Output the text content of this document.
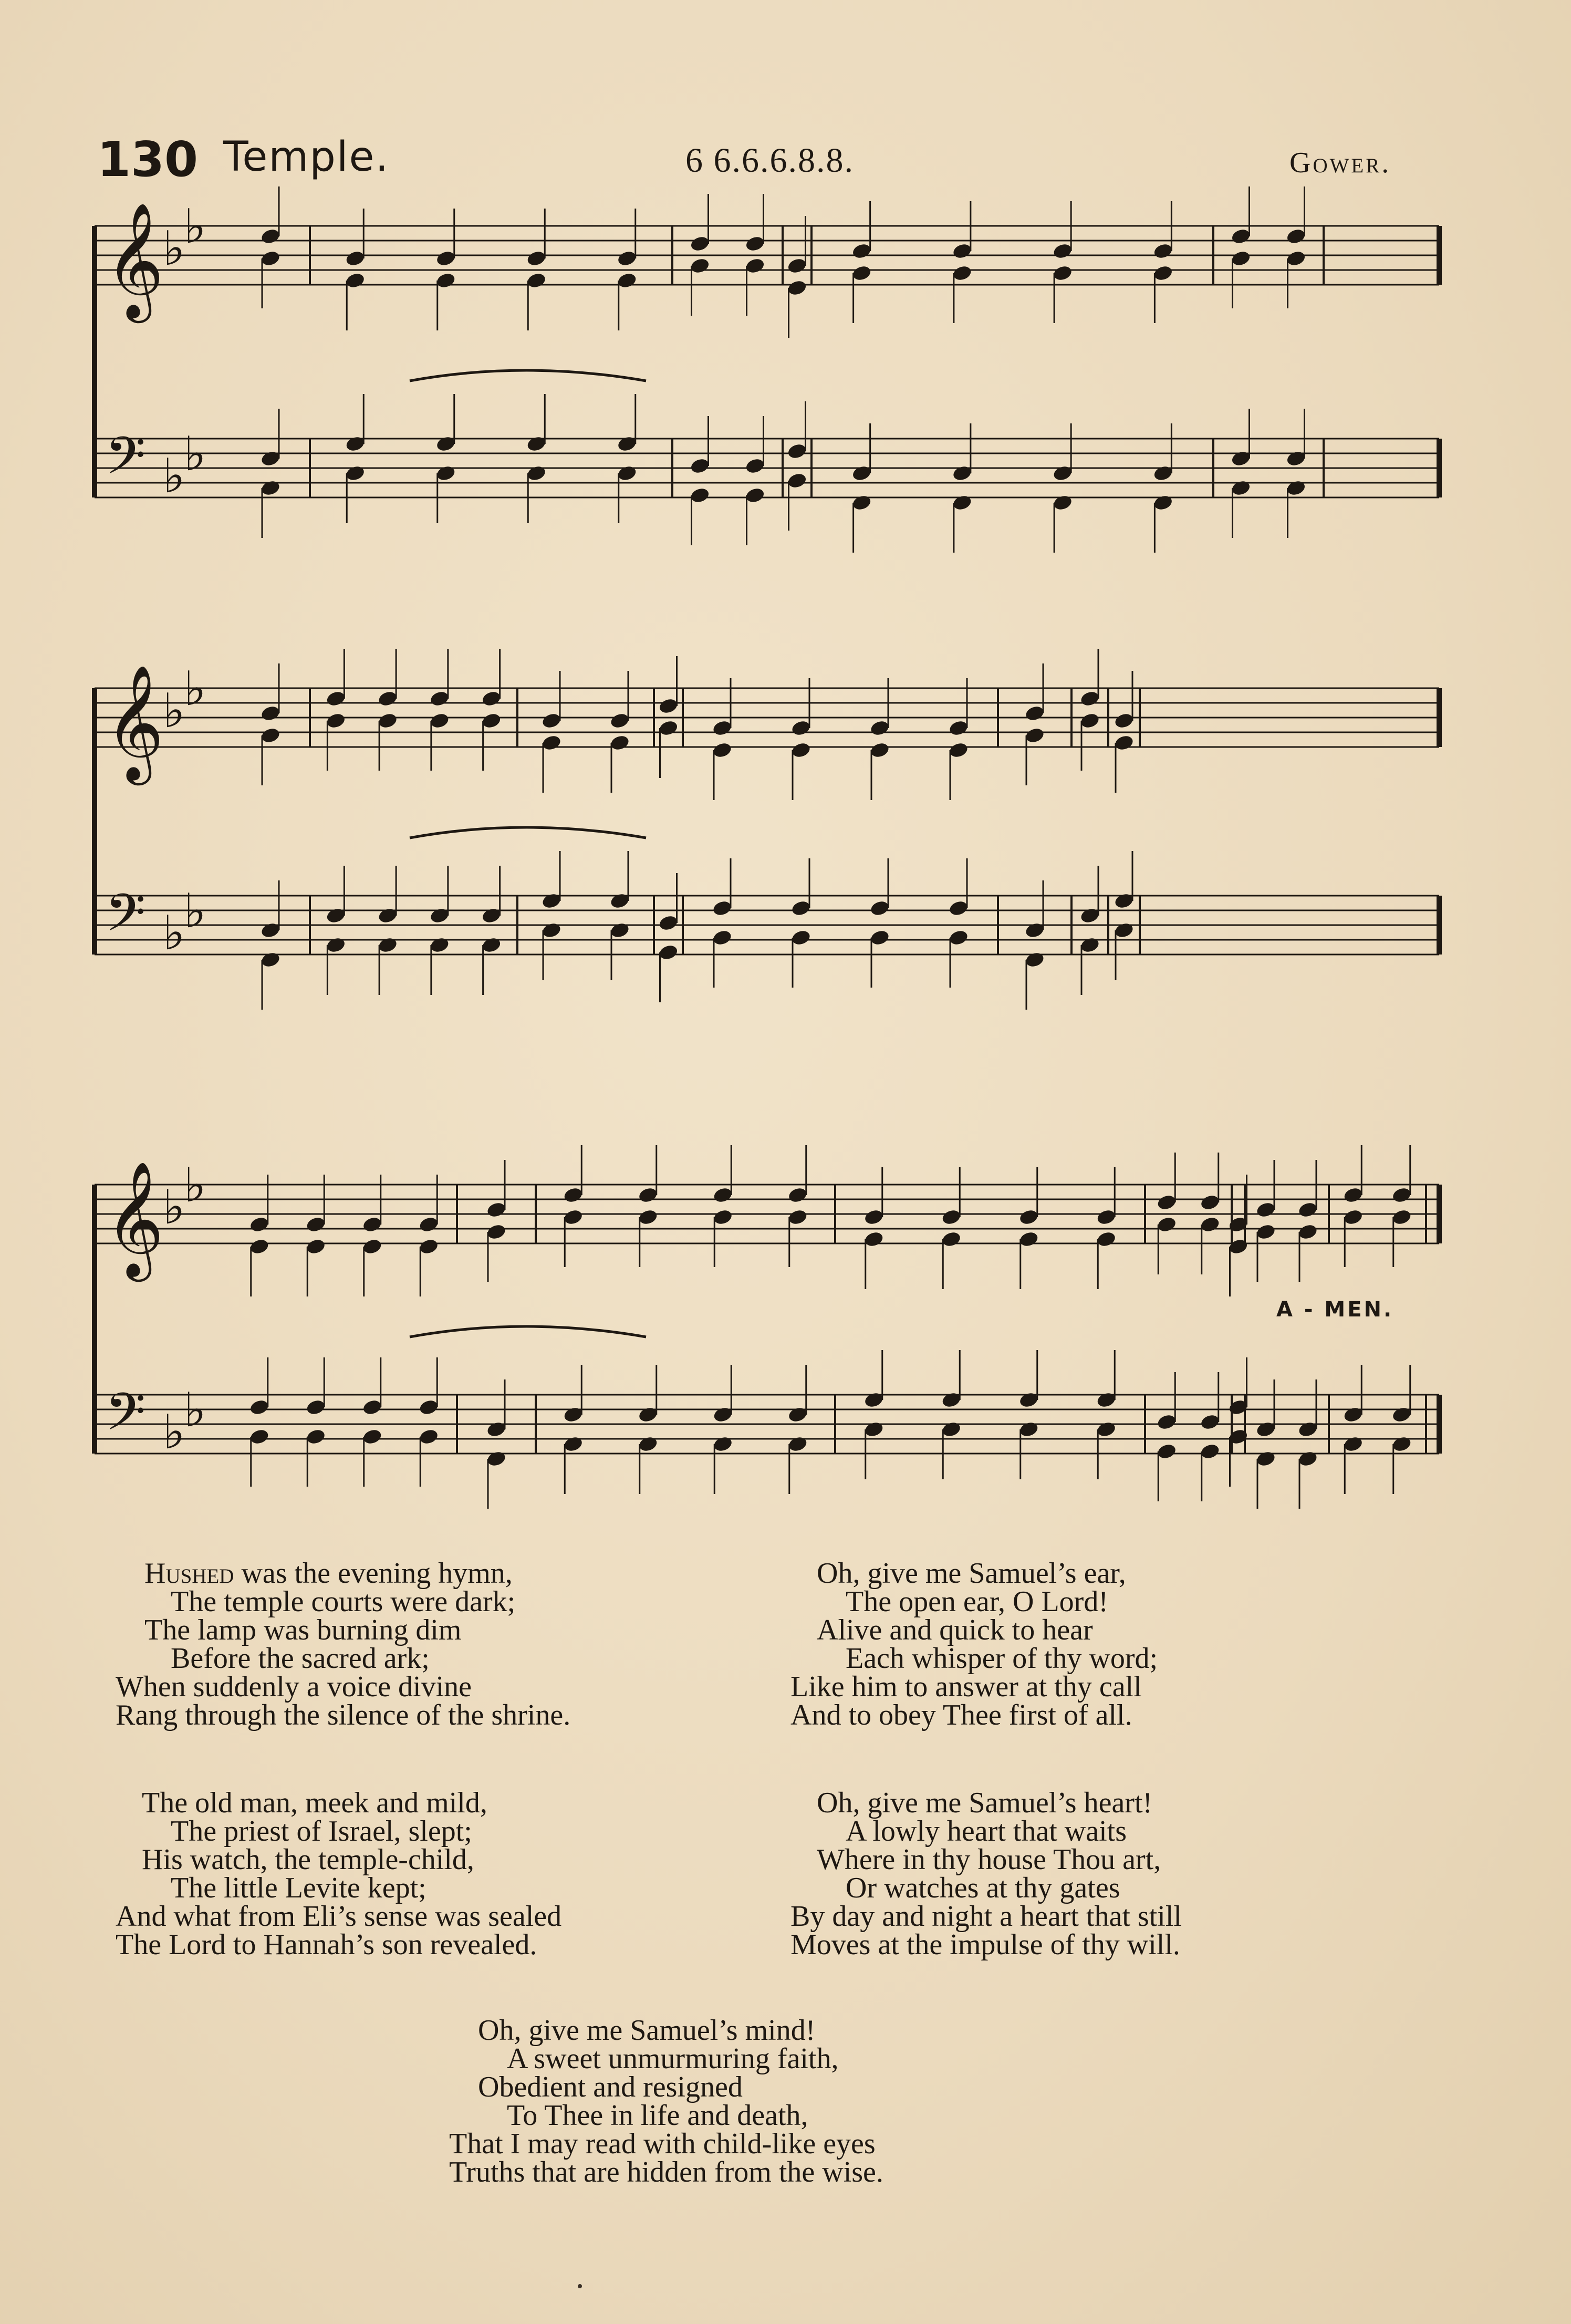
130 Temple.	6 6.6.6.8.8.	Gower.
𝄞
♭
♭
𝄢 ♭
♭
𝄞
♭
♭
𝄢 ♭
♭
𝄞
♭
♭
𝄢 ♭
♭
A - MEN.
Hushed was the evening hymn,
The temple courts were dark;
The lamp was burning dim
Before the sacred ark;
When suddenly a voice divine
Rang through the silence of the shrine.
Oh, give me Samuel’s ear,
The open ear, O Lord!
Alive and quick to hear
Each whisper of thy word;
Like him to answer at thy call
And to obey Thee first of all.
The old man, meek and mild,
The priest of Israel, slept;
His watch, the temple-child,
The little Levite kept;
And what from Eli’s sense was sealed
The Lord to Hannah’s son revealed.
Oh, give me Samuel’s heart!
A lowly heart that waits
Where in thy house Thou art,
Or watches at thy gates
By day and night a heart that still
Moves at the impulse of thy will.
Oh, give me Samuel’s mind!
A sweet unmurmuring faith,
Obedient and resigned
To Thee in life and death,
That I may read with child-like eyes
Truths that are hidden from the wise.
